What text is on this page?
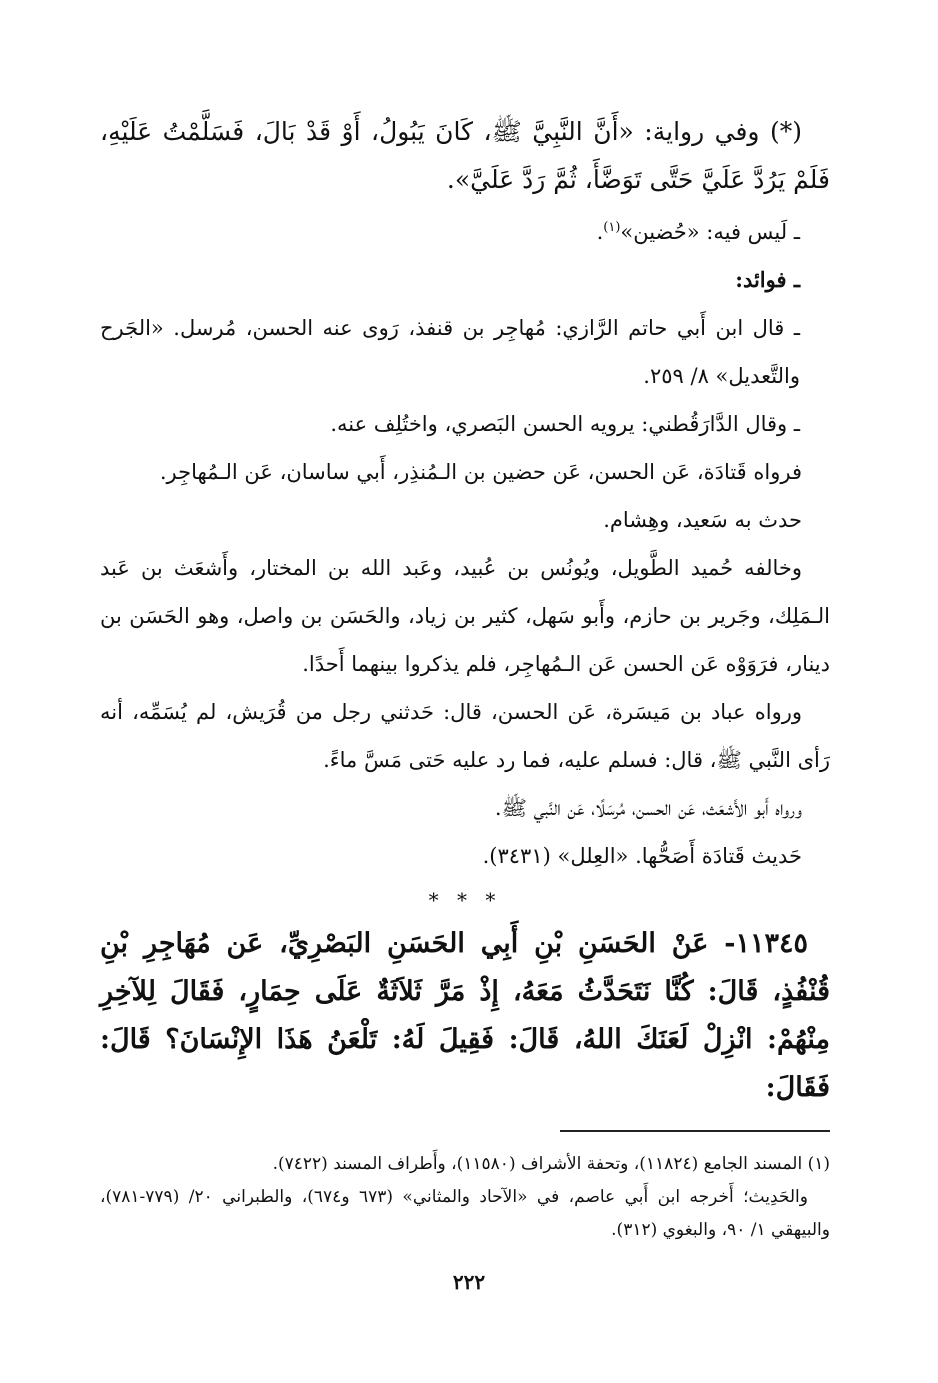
(*) وفي رواية: «أَنَّ النَّبِيَّ ﷺ، كَانَ يَبُولُ، أَوْ قَدْ بَالَ، فَسَلَّمْتُ عَلَيْهِ، فَلَمْ يَرُدَّ عَلَيَّ حَتَّى تَوَضَّأَ، ثُمَّ رَدَّ عَلَيَّ».

ـ لَيس فيه: «حُضين»$^{(١)}$.

ـ فوائد:

ـ قال ابن أَبي حاتم الرَّازي: مُهاجِر بن قنفذ، رَوى عنه الحسن، مُرسل. «الجَرح والتَّعديل» ٨/ ٢٥٩.

ـ وقال الدَّارَقُطني: يرويه الحسن البَصري، واختُلِف عنه.

فرواه قَتادَة، عَن الحسن، عَن حضين بن الـمُنذِر، أَبي ساسان، عَن الـمُهاجِر.

حدث به سَعيد، وهِشام.

وخالفه حُميد الطَّويل، ويُونُس بن عُبيد، وعَبد الله بن المختار، وأَشعَث بن عَبد الـمَلِك، وجَرير بن حازم، وأَبو سَهل، كثير بن زياد، والحَسَن بن واصل، وهو الحَسَن بن دينار، فرَوَوْه عَن الحسن عَن الـمُهاجِر، فلم يذكروا بينهما أَحدًا.

ورواه عباد بن مَيسَرة، عَن الحسن، قال: حَدثني رجل من قُرَيش، لم يُسَمِّه، أنه رَأى النَّبي ﷺ، قال: فسلم عليه، فما رد عليه حَتى مَسَّ ماءً.

ورواه أَبو الأَشعَث، عَن الحسن، مُرسَلًا، عَن النَّبي ﷺ.

حَديث قَتادَة أَصَحُّها. «العِلل» (٣٤٣١).

* * *

١١٣٤٥- عَنْ الحَسَنِ بْنِ أَبِي الحَسَنِ البَصْرِيِّ، عَن مُهَاجِرِ بْنِ قُنْفُذٍ، قَالَ: كُنَّا نَتَحَدَّثُ مَعَهُ، إِذْ مَرَّ ثَلاَثَةٌ عَلَى حِمَارٍ، فَقَالَ لِلآخِرِ مِنْهُمْ: انْزِلْ لَعَنَكَ اللهُ، قَالَ: فَقِيلَ لَهُ: تَلْعَنُ هَذَا الإِنْسَانَ؟ قَالَ: فَقَالَ:

(١) المسند الجامع (١١٨٢٤)، وتحفة الأشراف (١١٥٨٠)، وأَطراف المسند (٧٤٢٢).

والحَدِيث؛ أَخرجه ابن أَبي عاصم، في «الآحاد والمثاني» (٦٧٣ و٦٧٤)، والطبراني ٢٠/ (٧٧٩-٧٨١)، والبيهقي ١/ ٩٠، والبغوي (٣١٢).

٢٢٢
